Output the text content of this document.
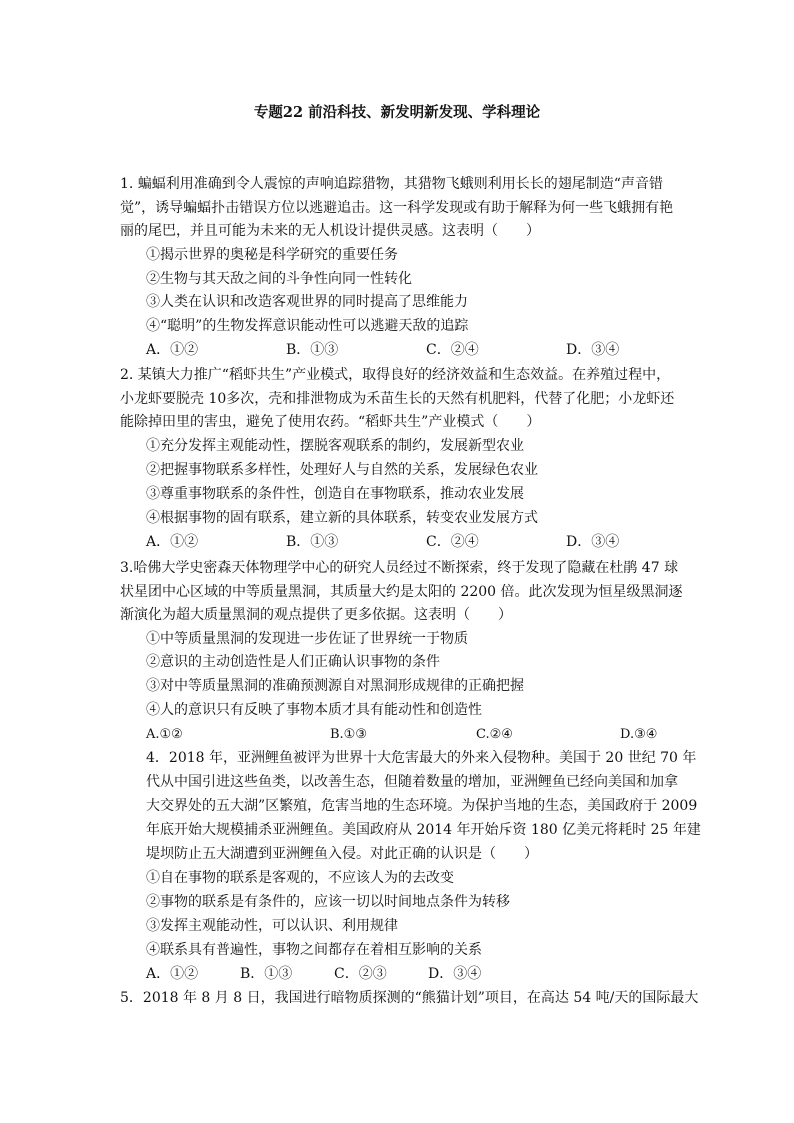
专题22 前沿科技、新发明新发现、学科理论
1. 蝙蝠利用准确到令人震惊的声响追踪猎物，其猎物飞蛾则利用长长的翅尾制造“声音错
觉”，诱导蝙蝠扑击错误方位以逃避追击。这一科学发现或有助于解释为何一些飞蛾拥有艳
丽的尾巴，并且可能为未来的无人机设计提供灵感。这表明（　　）
①揭示世界的奥秘是科学研究的重要任务
②生物与其天敌之间的斗争性向同一性转化
③人类在认识和改造客观世界的同时提高了思维能力
④“聪明”的生物发挥意识能动性可以逃避天敌的追踪
A．①②	B．①③	C．②④	D．③④
2. 某镇大力推广“稻虾共生”产业模式，取得良好的经济效益和生态效益。在养殖过程中，
小龙虾要脱壳 10多次，壳和排泄物成为禾苗生长的天然有机肥料，代替了化肥；小龙虾还
能除掉田里的害虫，避免了使用农药。“稻虾共生”产业模式（　　）
①充分发挥主观能动性，摆脱客观联系的制约，发展新型农业
②把握事物联系多样性，处理好人与自然的关系，发展绿色农业
③尊重事物联系的条件性，创造自在事物联系，推动农业发展
④根据事物的固有联系，建立新的具体联系，转变农业发展方式
A．①②	B．①③	C．②④	D．③④
3.哈佛大学史密森天体物理学中心的研究人员经过不断探索，终于发现了隐藏在杜鹃 47 球
状星团中心区域的中等质量黑洞，其质量大约是太阳的 2200 倍。此次发现为恒星级黑洞逐
渐演化为超大质量黑洞的观点提供了更多依据。这表明（　　）
①中等质量黑洞的发现进一步佐证了世界统一于物质
②意识的主动创造性是人们正确认识事物的条件
③对中等质量黑洞的准确预测源自对黑洞形成规律的正确把握
④人的意识只有反映了事物本质才具有能动性和创造性
A.①②	B.①③	C.②④	D.③④
4．2018 年，亚洲鲤鱼被评为世界十大危害最大的外来入侵物种。美国于 20 世纪 70 年
代从中国引进这些鱼类，以改善生态，但随着数量的增加，亚洲鲤鱼已经向美国和加拿
大交界处的五大湖”区繁殖，危害当地的生态环境。为保护当地的生态，美国政府于 2009
年底开始大规模捕杀亚洲鲤鱼。美国政府从 2014 年开始斥资 180 亿美元将耗时 25 年建
堤坝防止五大湖遭到亚洲鲤鱼入侵。对此正确的认识是（　　）
①自在事物的联系是客观的，不应该人为的去改变
②事物的联系是有条件的，应该一切以时间地点条件为转移
③发挥主观能动性，可以认识、利用规律
④联系具有普遍性，事物之间都存在着相互影响的关系
A．①②	B．①③	C．②③	D．③④
5．2018 年 8 月 8 日，我国进行暗物质探测的“熊猫计划”项目，在高达 54 吨/天的国际最大
